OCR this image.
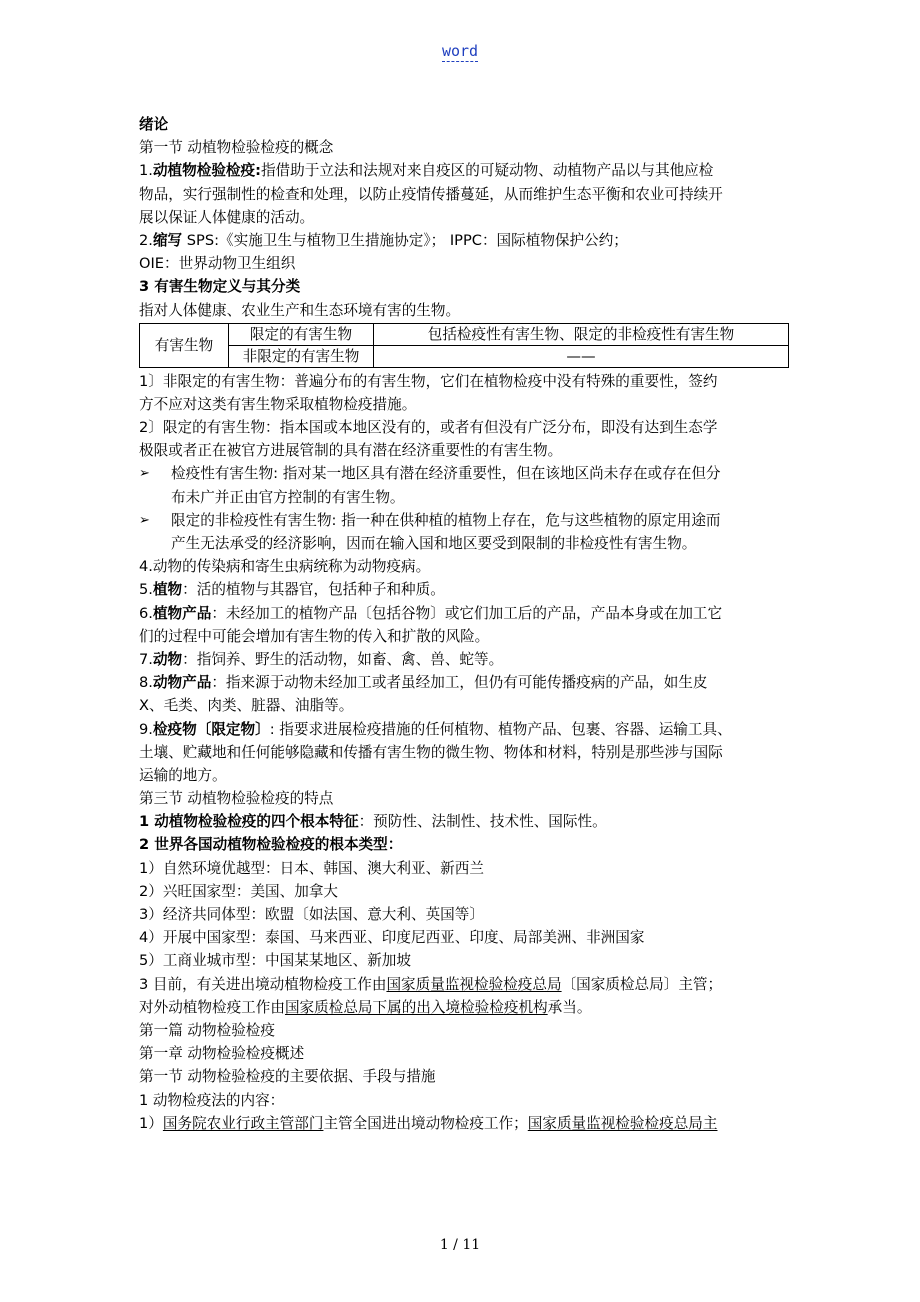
word
绪论
第一节 动植物检验检疫的概念
1.动植物检验检疫:指借助于立法和法规对来自疫区的可疑动物、动植物产品以与其他应检
物品，实行强制性的检查和处理，以防止疫情传播蔓延，从而维护生态平衡和农业可持续开
展以保证人体健康的活动。
2.缩写 SPS:《实施卫生与植物卫生措施协定》； IPPC：国际植物保护公约；
OIE：世界动物卫生组织
3 有害生物定义与其分类
指对人体健康、农业生产和生态环境有害的生物。
有害生物	限定的有害生物	包括检疫性有害生物、限定的非检疫性有害生物
	非限定的有害生物	——
1〕非限定的有害生物：普遍分布的有害生物，它们在植物检疫中没有特殊的重要性，签约
方不应对这类有害生物采取植物检疫措施。
2〕限定的有害生物：指本国或本地区没有的，或者有但没有广泛分布，即没有达到生态学
极限或者正在被官方进展管制的具有潜在经济重要性的有害生物。
➢	检疫性有害生物: 指对某一地区具有潜在经济重要性，但在该地区尚未存在或存在但分
布未广并正由官方控制的有害生物。
➢	限定的非检疫性有害生物: 指一种在供种植的植物上存在，危与这些植物的原定用途而
产生无法承受的经济影响，因而在输入国和地区要受到限制的非检疫性有害生物。
4.动物的传染病和寄生虫病统称为动物疫病。
5.植物：活的植物与其器官，包括种子和种质。
6.植物产品：未经加工的植物产品〔包括谷物〕或它们加工后的产品，产品本身或在加工它
们的过程中可能会增加有害生物的传入和扩散的风险。
7.动物：指饲养、野生的活动物，如畜、禽、兽、蛇等。
8.动物产品：指来源于动物未经加工或者虽经加工，但仍有可能传播疫病的产品，如生皮
X、毛类、肉类、脏器、油脂等。
9.检疫物〔限定物〕: 指要求进展检疫措施的任何植物、植物产品、包裹、容器、运输工具、
土壤、贮藏地和任何能够隐藏和传播有害生物的微生物、物体和材料，特别是那些涉与国际
运输的地方。
第三节 动植物检验检疫的特点
1 动植物检验检疫的四个根本特征：预防性、法制性、技术性、国际性。
2 世界各国动植物检验检疫的根本类型：
1）自然环境优越型：日本、韩国、澳大利亚、新西兰
2）兴旺国家型：美国、加拿大
3）经济共同体型：欧盟〔如法国、意大利、英国等〕
4）开展中国家型：泰国、马来西亚、印度尼西亚、印度、局部美洲、非洲国家
5）工商业城市型：中国某某地区、新加坡
3 目前，有关进出境动植物检疫工作由国家质量监视检验检疫总局〔国家质检总局〕主管；
对外动植物检疫工作由国家质检总局下属的出入境检验检疫机构承当。
第一篇 动物检验检疫
第一章 动物检验检疫概述
第一节 动物检验检疫的主要依据、手段与措施
1 动物检疫法的内容：
1）国务院农业行政主管部门主管全国进出境动物检疫工作；国家质量监视检验检疫总局主
1 / 11
